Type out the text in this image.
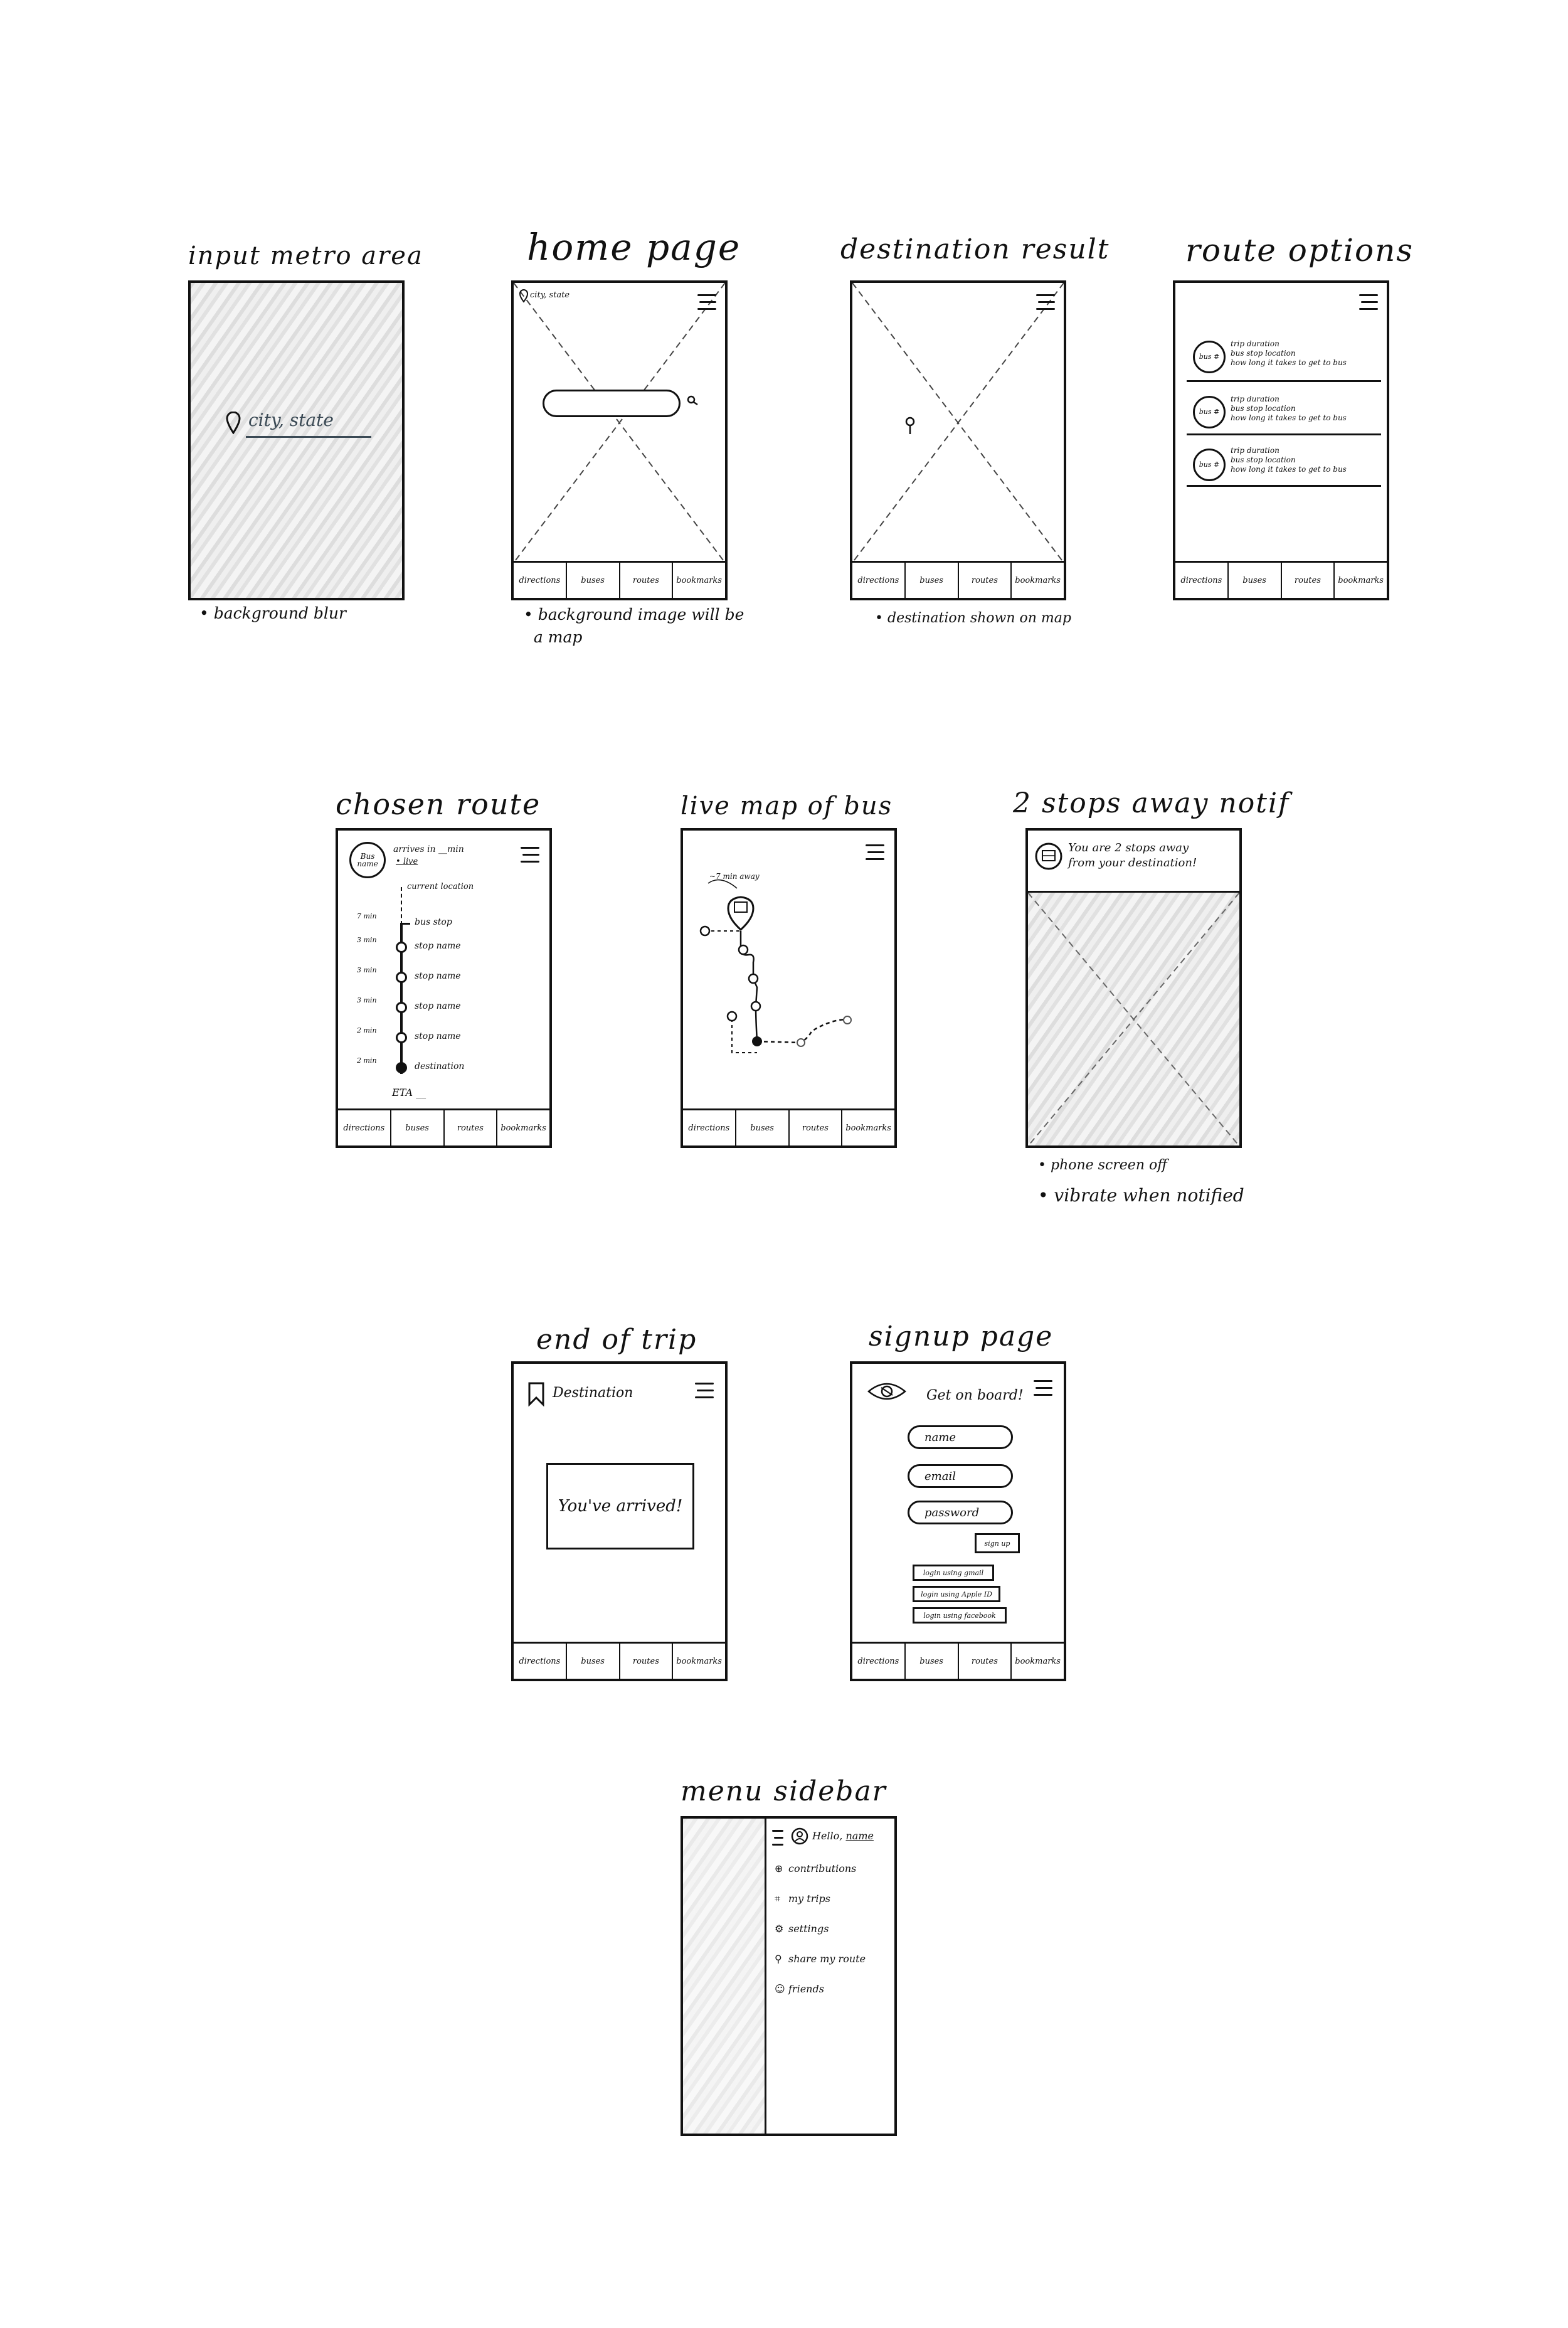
input metro area
city, state
• background blur
home page
city, state
directions	buses	routes	bookmarks
• background image will be
a map
destination result
directions	buses	routes	bookmarks
• destination shown on map
route options
bus #
trip duration
bus stop location
how long it takes to get to bus
bus #
trip duration
bus stop location
how long it takes to get to bus
bus #
trip duration
bus stop location
how long it takes to get to bus
directions	buses	routes	bookmarks
chosen route
Bus name
arrives in __min
• live
current location
7 min
bus stop
3 min
stop name
3 min
stop name
3 min
stop name
2 min
stop name
2 min
destination
ETA __
directions	buses	routes	bookmarks
live map of bus
~7 min away
directions	buses	routes	bookmarks
2 stops away notif
You are 2 stops away
from your destination!
• phone screen off
• vibrate when notified
end of trip
Destination
You've arrived!
directions	buses	routes	bookmarks
signup page
Get on board!
name
email
password
sign up
login using gmail
login using Apple ID
login using facebook
directions	buses	routes	bookmarks
menu sidebar
Hello, name
⊕ contributions
⌗ my trips
⚙ settings
⚲ share my route
☺ friends
